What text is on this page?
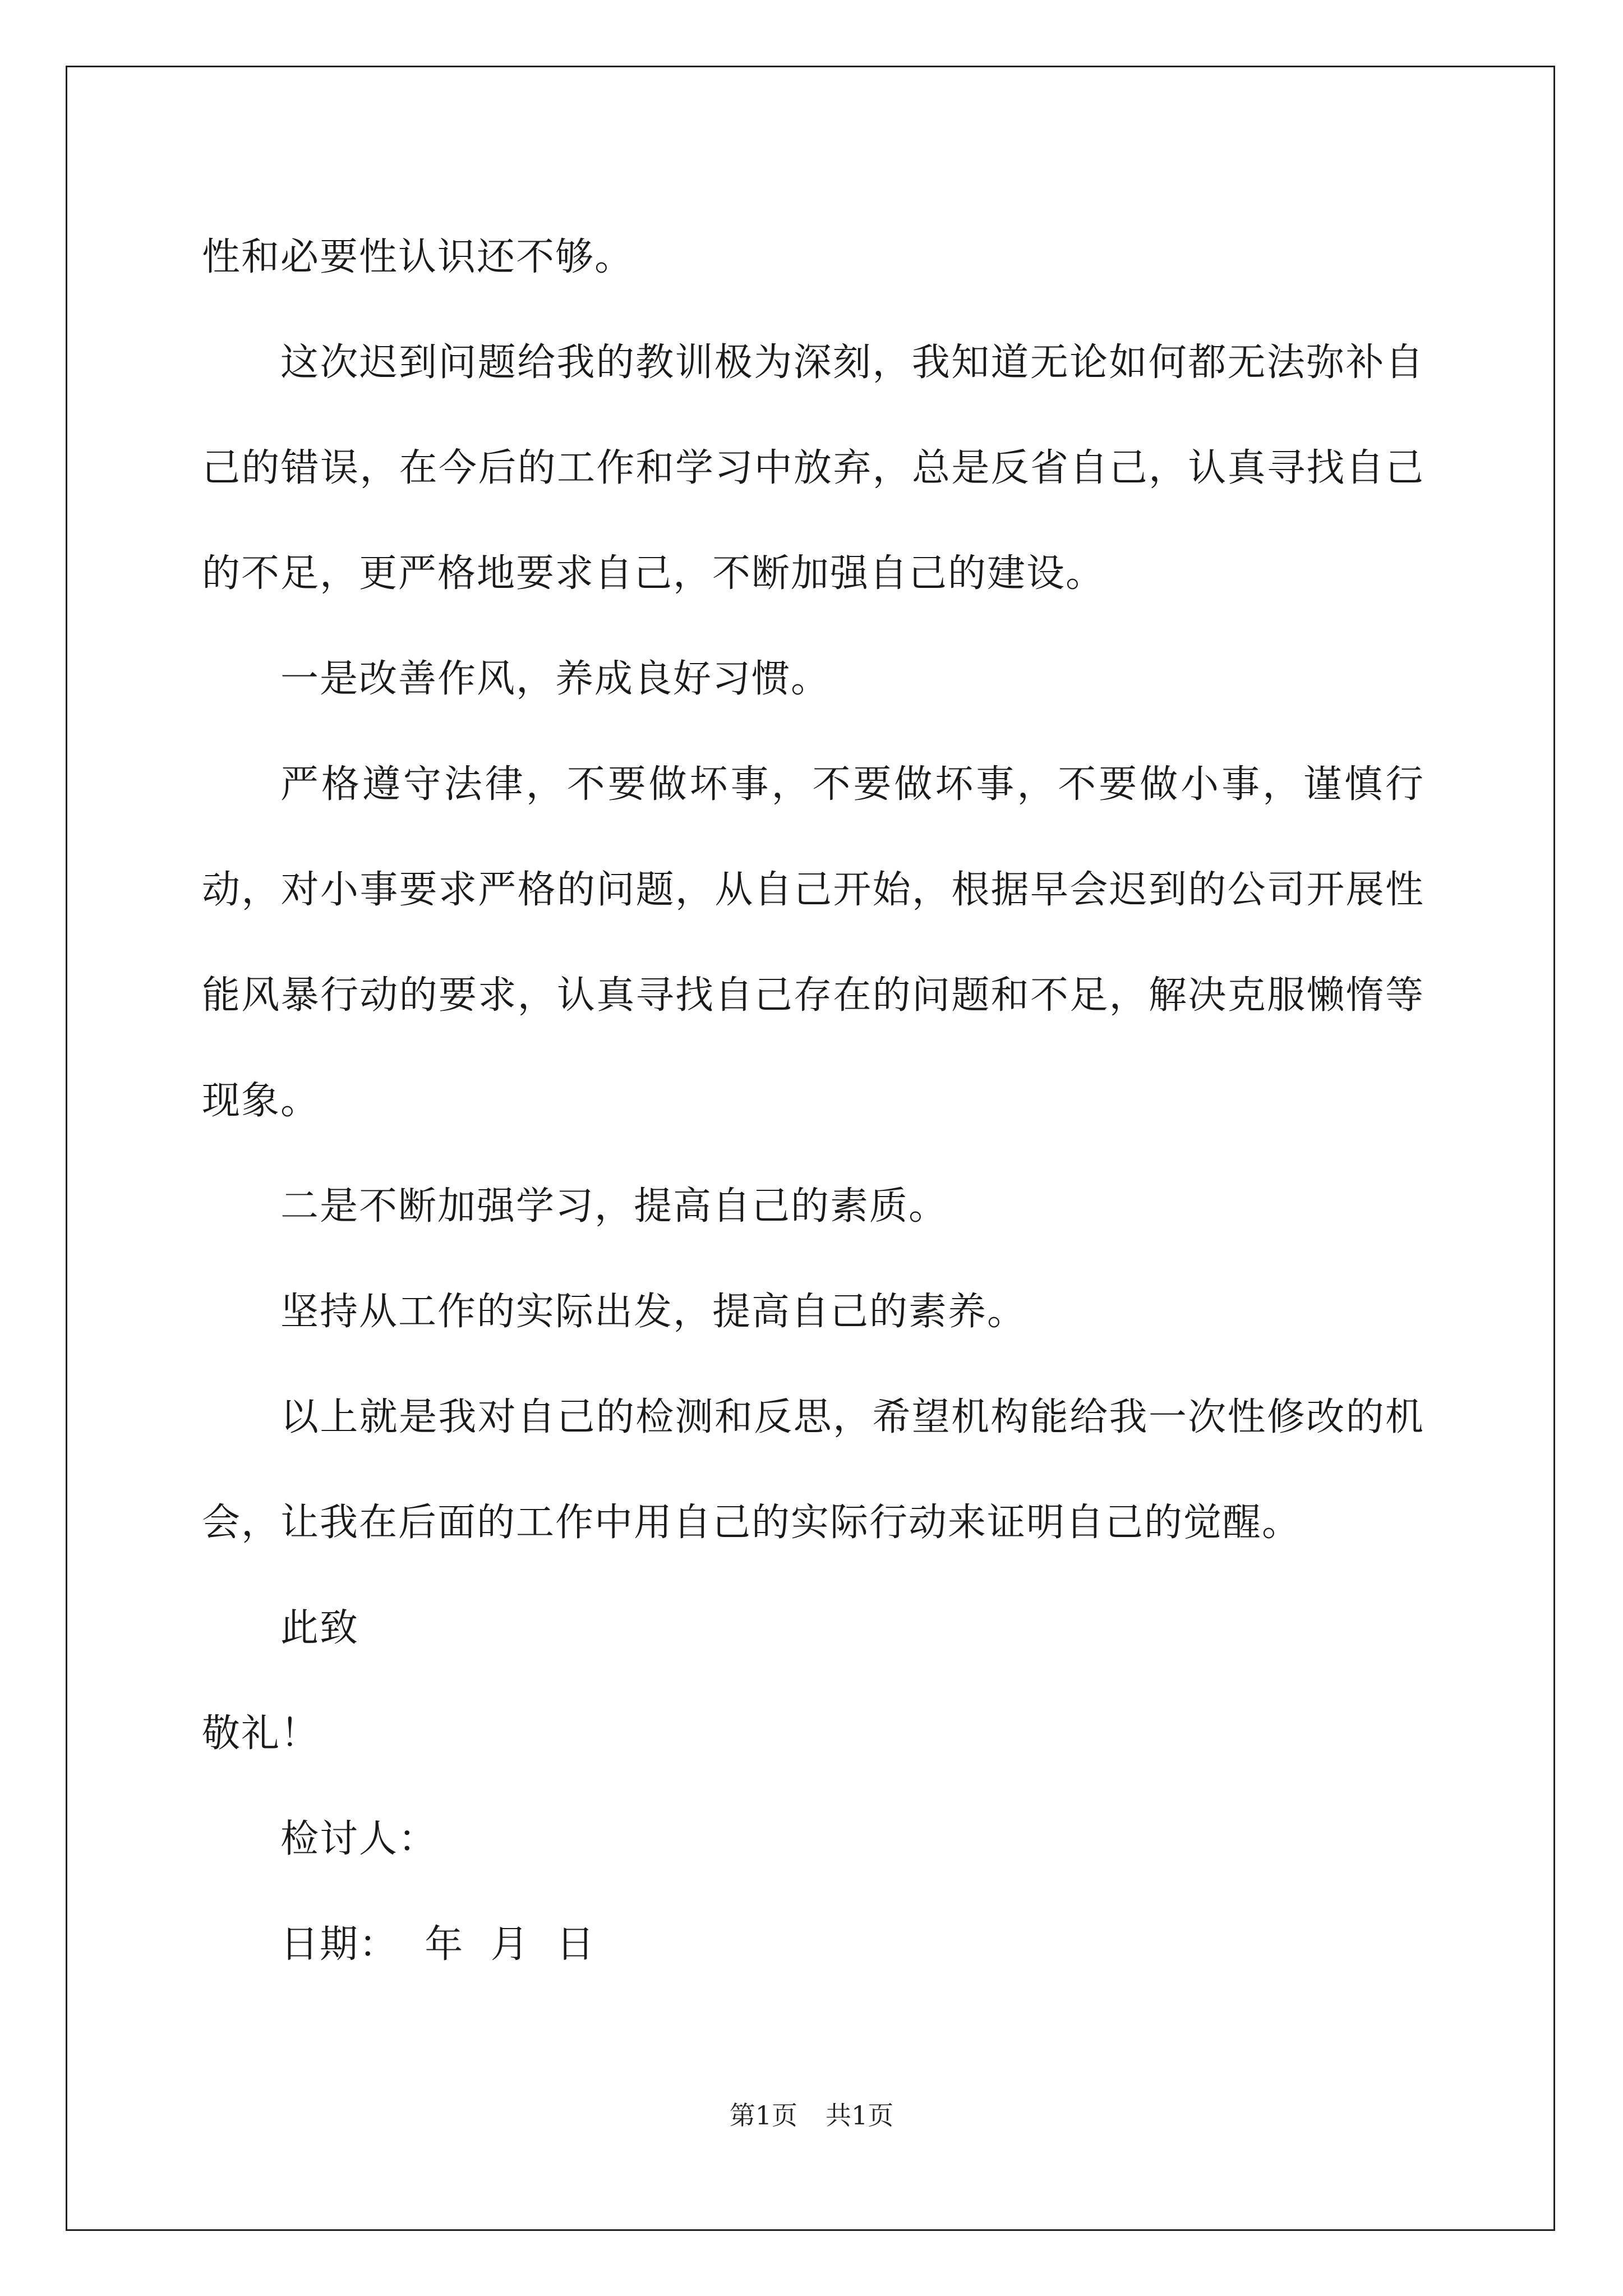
性和必要性认识还不够。

这次迟到问题给我的教训极为深刻，我知道无论如何都无法弥补自己的错误，在今后的工作和学习中放弃，总是反省自己，认真寻找自己的不足，更严格地要求自己，不断加强自己的建设。

一是改善作风，养成良好习惯。

严格遵守法律，不要做坏事，不要做坏事，不要做小事，谨慎行动，对小事要求严格的问题，从自己开始，根据早会迟到的公司开展性能风暴行动的要求，认真寻找自己存在的问题和不足，解决克服懒惰等现象。

二是不断加强学习，提高自己的素质。

坚持从工作的实际出发，提高自己的素养。

以上就是我对自己的检测和反思，希望机构能给我一次性修改的机会，让我在后面的工作中用自己的实际行动来证明自己的觉醒。

此致

敬礼！

检讨人：

日期：  年  月  日

第1页 共1页
